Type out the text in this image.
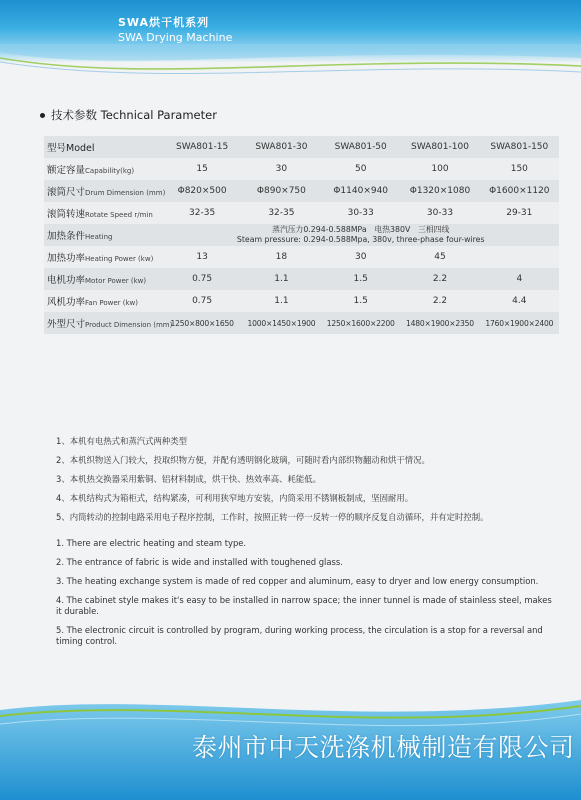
SWA烘干机系列
SWA Drying Machine
技术参数 Technical Parameter
型号Model	SWA801-15	SWA801-30	SWA801-50	SWA801-100	SWA801-150
额定容量Capability(kg)	15	30	50	100	150
滚筒尺寸Drum Dimension (mm)	Φ820×500	Φ890×750	Φ1140×940	Φ1320×1080	Φ1600×1120
滚筒转速Rotate Speed r/min	32-35	32-35	30-33	30-33	29-31
加热条件Heating	蒸汽压力0.294-0.588MPa　电热380V　三相四线
Steam pressure: 0.294-0.588Mpa, 380v, three-phase four-wires				

加热功率Heating Power (kw)	13	18	30	45	
电机功率Motor Power (kw)	0.75	1.1	1.5	2.2	4
风机功率Fan Power (kw)	0.75	1.1	1.5	2.2	4.4
外型尺寸Product Dimension (mm)	1250×800×1650	1000×1450×1900	1250×1600×2200	1480×1900×2350	1760×1900×2400

1、本机有电热式和蒸汽式两种类型

2、本机织物送入门较大，投取织物方便，并配有透明钢化玻璃，可随时看内部织物翻动和烘干情况。

3、本机热交换器采用紫铜、铝材料制成，烘干快、热效率高、耗能低。

4、本机结构式为箱柜式，结构紧凑，可利用狭窄地方安装，内筒采用不锈钢板制成，坚固耐用。

5、内筒转动的控制电路采用电子程序控制，工作时，按照正转一停一反转一停的顺序反复自动循环，并有定时控制。

1. There are electric heating and steam type.

2. The entrance of fabric is wide and installed with toughened glass.

3. The heating exchange system is made of red copper and aluminum, easy to dryer and low energy consumption.

4. The cabinet style makes it's easy to be installed in narrow space; the inner tunnel is made of stainless steel, makes it durable.

5. The electronic circuit is controlled by program, during working process, the circulation is a stop for a reversal and timing control.

泰州市中天洗涤机械制造有限公司
